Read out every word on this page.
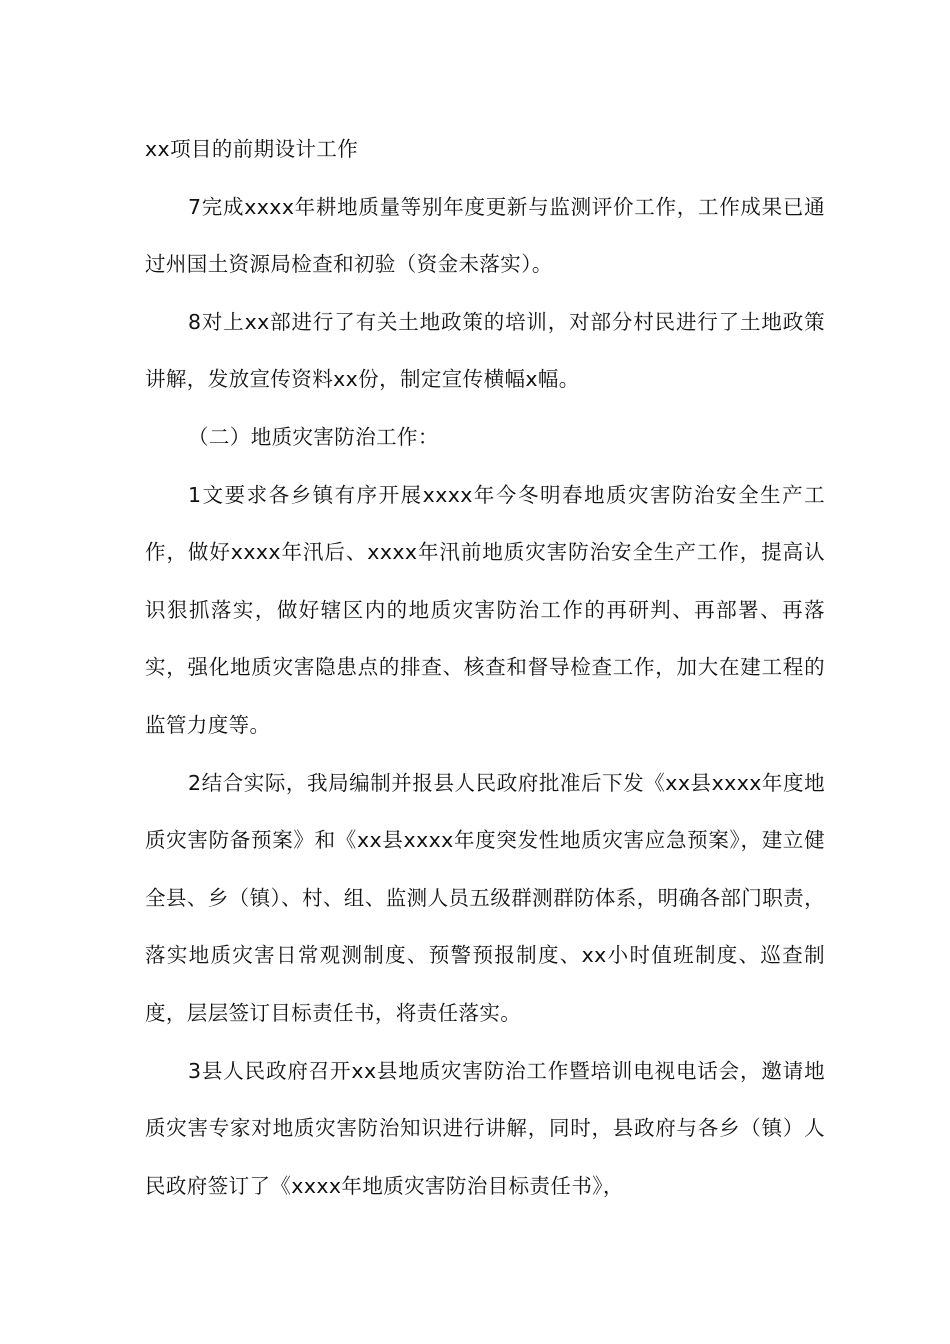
xx项目的前期设计工作

7完成xxxx年耕地质量等别年度更新与监测评价工作，工作成果已通过州国土资源局检查和初验（资金未落实）。

8对上xx部进行了有关土地政策的培训，对部分村民进行了土地政策讲解，发放宣传资料xx份，制定宣传横幅x幅。

（二）地质灾害防治工作：

1文要求各乡镇有序开展xxxx年今冬明春地质灾害防治安全生产工作，做好xxxx年汛后、xxxx年汛前地质灾害防治安全生产工作，提高认识狠抓落实，做好辖区内的地质灾害防治工作的再研判、再部署、再落实，强化地质灾害隐患点的排查、核查和督导检查工作，加大在建工程的监管力度等。

2结合实际，我局编制并报县人民政府批准后下发《xx县xxxx年度地质灾害防备预案》和《xx县xxxx年度突发性地质灾害应急预案》，建立健全县、乡（镇）、村、组、监测人员五级群测群防体系，明确各部门职责，落实地质灾害日常观测制度、预警预报制度、xx小时值班制度、巡查制度，层层签订目标责任书，将责任落实。

3县人民政府召开xx县地质灾害防治工作暨培训电视电话会，邀请地质灾害专家对地质灾害防治知识进行讲解，同时，县政府与各乡（镇）人民政府签订了《xxxx年地质灾害防治目标责任书》，
